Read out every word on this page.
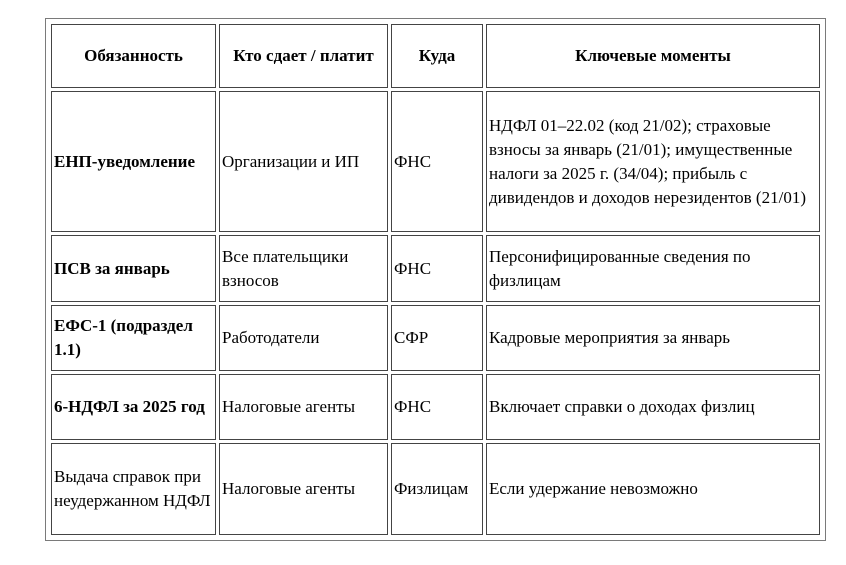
Обязанность	Кто сдает / платит	Куда	Ключевые моменты
ЕНП-уведомление	Организации и ИП	ФНС	НДФЛ 01–22.02 (код 21/02); страховые взносы за январь (21/01); имущественные налоги за 2025 г. (34/04); прибыль с дивидендов и доходов нерезидентов (21/01)
ПСВ за январь	Все плательщики взносов	ФНС	Персонифицированные сведения по физлицам
ЕФС-1 (подраздел 1.1)	Работодатели	СФР	Кадровые мероприятия за январь
6-НДФЛ за 2025 год	Налоговые агенты	ФНС	Включает справки о доходах физлиц
Выдача справок при неудержанном НДФЛ	Налоговые агенты	Физлицам	Если удержание невозможно
